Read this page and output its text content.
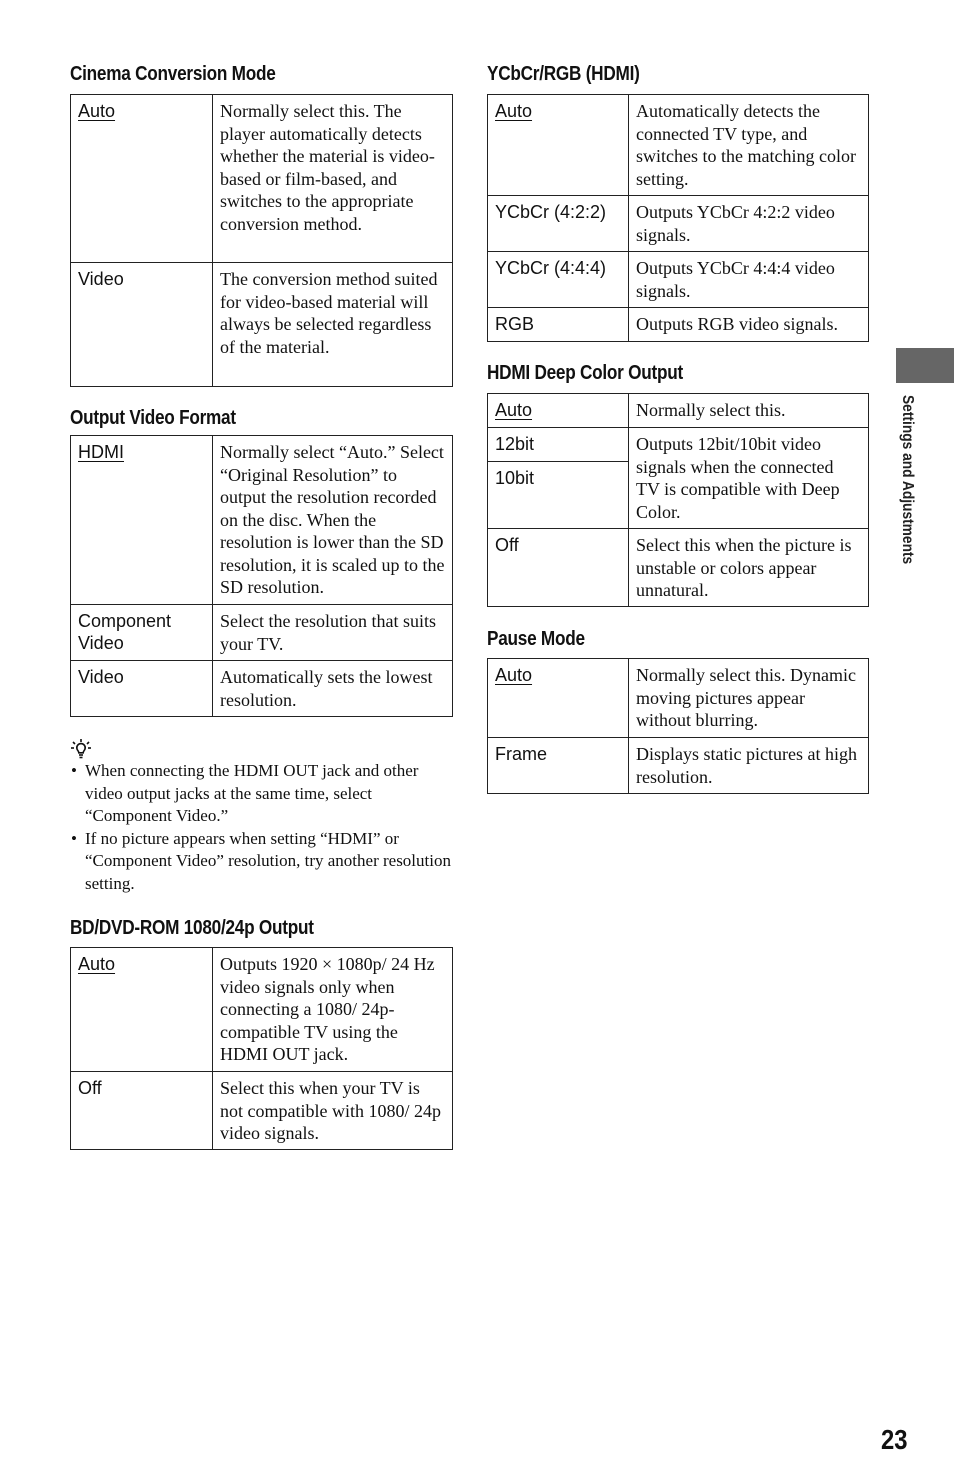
Cinema Conversion Mode
Auto	Normally select this. The player automatically detects whether the material is video-based or film-based, and switches to the appropriate conversion method.
Video	The conversion method suited for video-based material will always be selected regardless of the material.
Output Video Format
HDMI	Normally select “Auto.” Select “Original Resolution” to output the resolution recorded on the disc. When the resolution is lower than the SD resolution, it is scaled up to the SD resolution.
Component Video	Select the resolution that suits your TV.
Video	Automatically sets the lowest resolution.
• When connecting the HDMI OUT jack and other video output jacks at the same time, select “Component Video.”
• If no picture appears when setting “HDMI” or “Component Video” resolution, try another resolution setting.
BD/DVD-ROM 1080/24p Output
Auto	Outputs 1920 × 1080p/ 24 Hz video signals only when connecting a 1080/ 24p-compatible TV using the HDMI OUT jack.
Off	Select this when your TV is not compatible with 1080/ 24p video signals.
YCbCr/RGB (HDMI)
Auto	Automatically detects the connected TV type, and switches to the matching color setting.
YCbCr (4:2:2)	Outputs YCbCr 4:2:2 video signals.
YCbCr (4:4:4)	Outputs YCbCr 4:4:4 video signals.
RGB	Outputs RGB video signals.
HDMI Deep Color Output
Auto	Normally select this.
12bit	Outputs 12bit/10bit video signals when the connected TV is compatible with Deep Color.
10bit	
Off	Select this when the picture is unstable or colors appear unnatural.
Pause Mode
Auto	Normally select this. Dynamic moving pictures appear without blurring.
Frame	Displays static pictures at high resolution.
Settings and Adjustments
23
